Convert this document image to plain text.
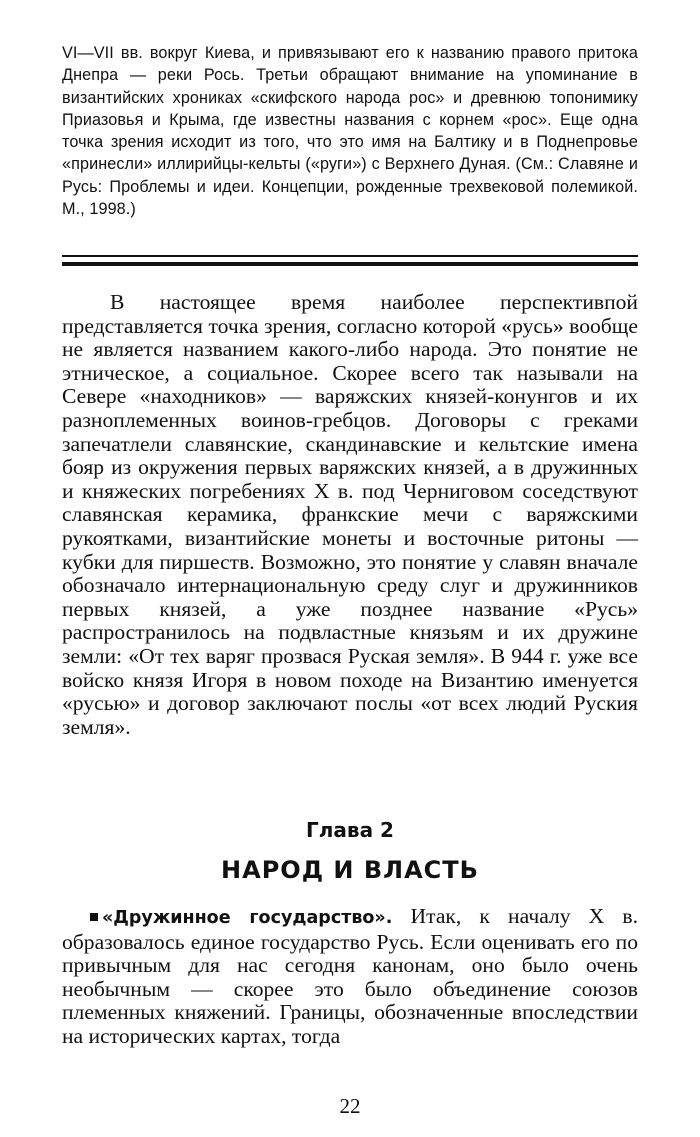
VI—VII вв. вокруг Киева, и привязывают его к названию правого притока Днепра — реки Рось. Третьи обращают внимание на упоминание в византийских хрониках «скифского народа рос» и древнюю топонимику Приазовья и Крыма, где известны названия с корнем «рос». Еще одна точка зрения исходит из того, что это имя на Балтику и в Поднепровье «принесли» иллирийцы-кельты («руги») с Верхнего Дуная. (См.: Славяне и Русь: Проблемы и идеи. Концепции, рожденные трехвековой полемикой. М., 1998.)

В настоящее время наиболее перспективпой представляется точка зрения, согласно которой «русь» вообще не является названием какого-либо народа. Это понятие не этническое, а социальное. Скорее всего так называли на Севере «находников» — варяжских князей-конунгов и их разноплеменных воинов-гребцов. Договоры с греками запечатлели славянские, скандинавские и кельтские имена бояр из окружения первых варяжских князей, а в дружинных и княжеских погребениях X в. под Черниговом соседствуют славянская керамика, франкские мечи с варяжскими рукоятками, византийские монеты и восточные ритоны — кубки для пиршеств. Возможно, это понятие у славян вначале обозначало интернациональную среду слуг и дружинников первых князей, а уже позднее название «Русь» распространилось на подвластные князьям и их дружине земли: «От тех варяг прозвася Руская земля». В 944 г. уже все войско князя Игоря в новом походе на Византию именуется «русью» и договор заключают послы «от всех людий Руския земля».

Глава 2
НАРОД И ВЛАСТЬ

«Дружинное государство». Итак, к началу X в. образовалось единое государство Русь. Если оценивать его по привычным для нас сегодня канонам, оно было очень необычным — скорее это было объединение союзов племенных княжений. Границы, обозначенные впоследствии на исторических картах, тогда

22
